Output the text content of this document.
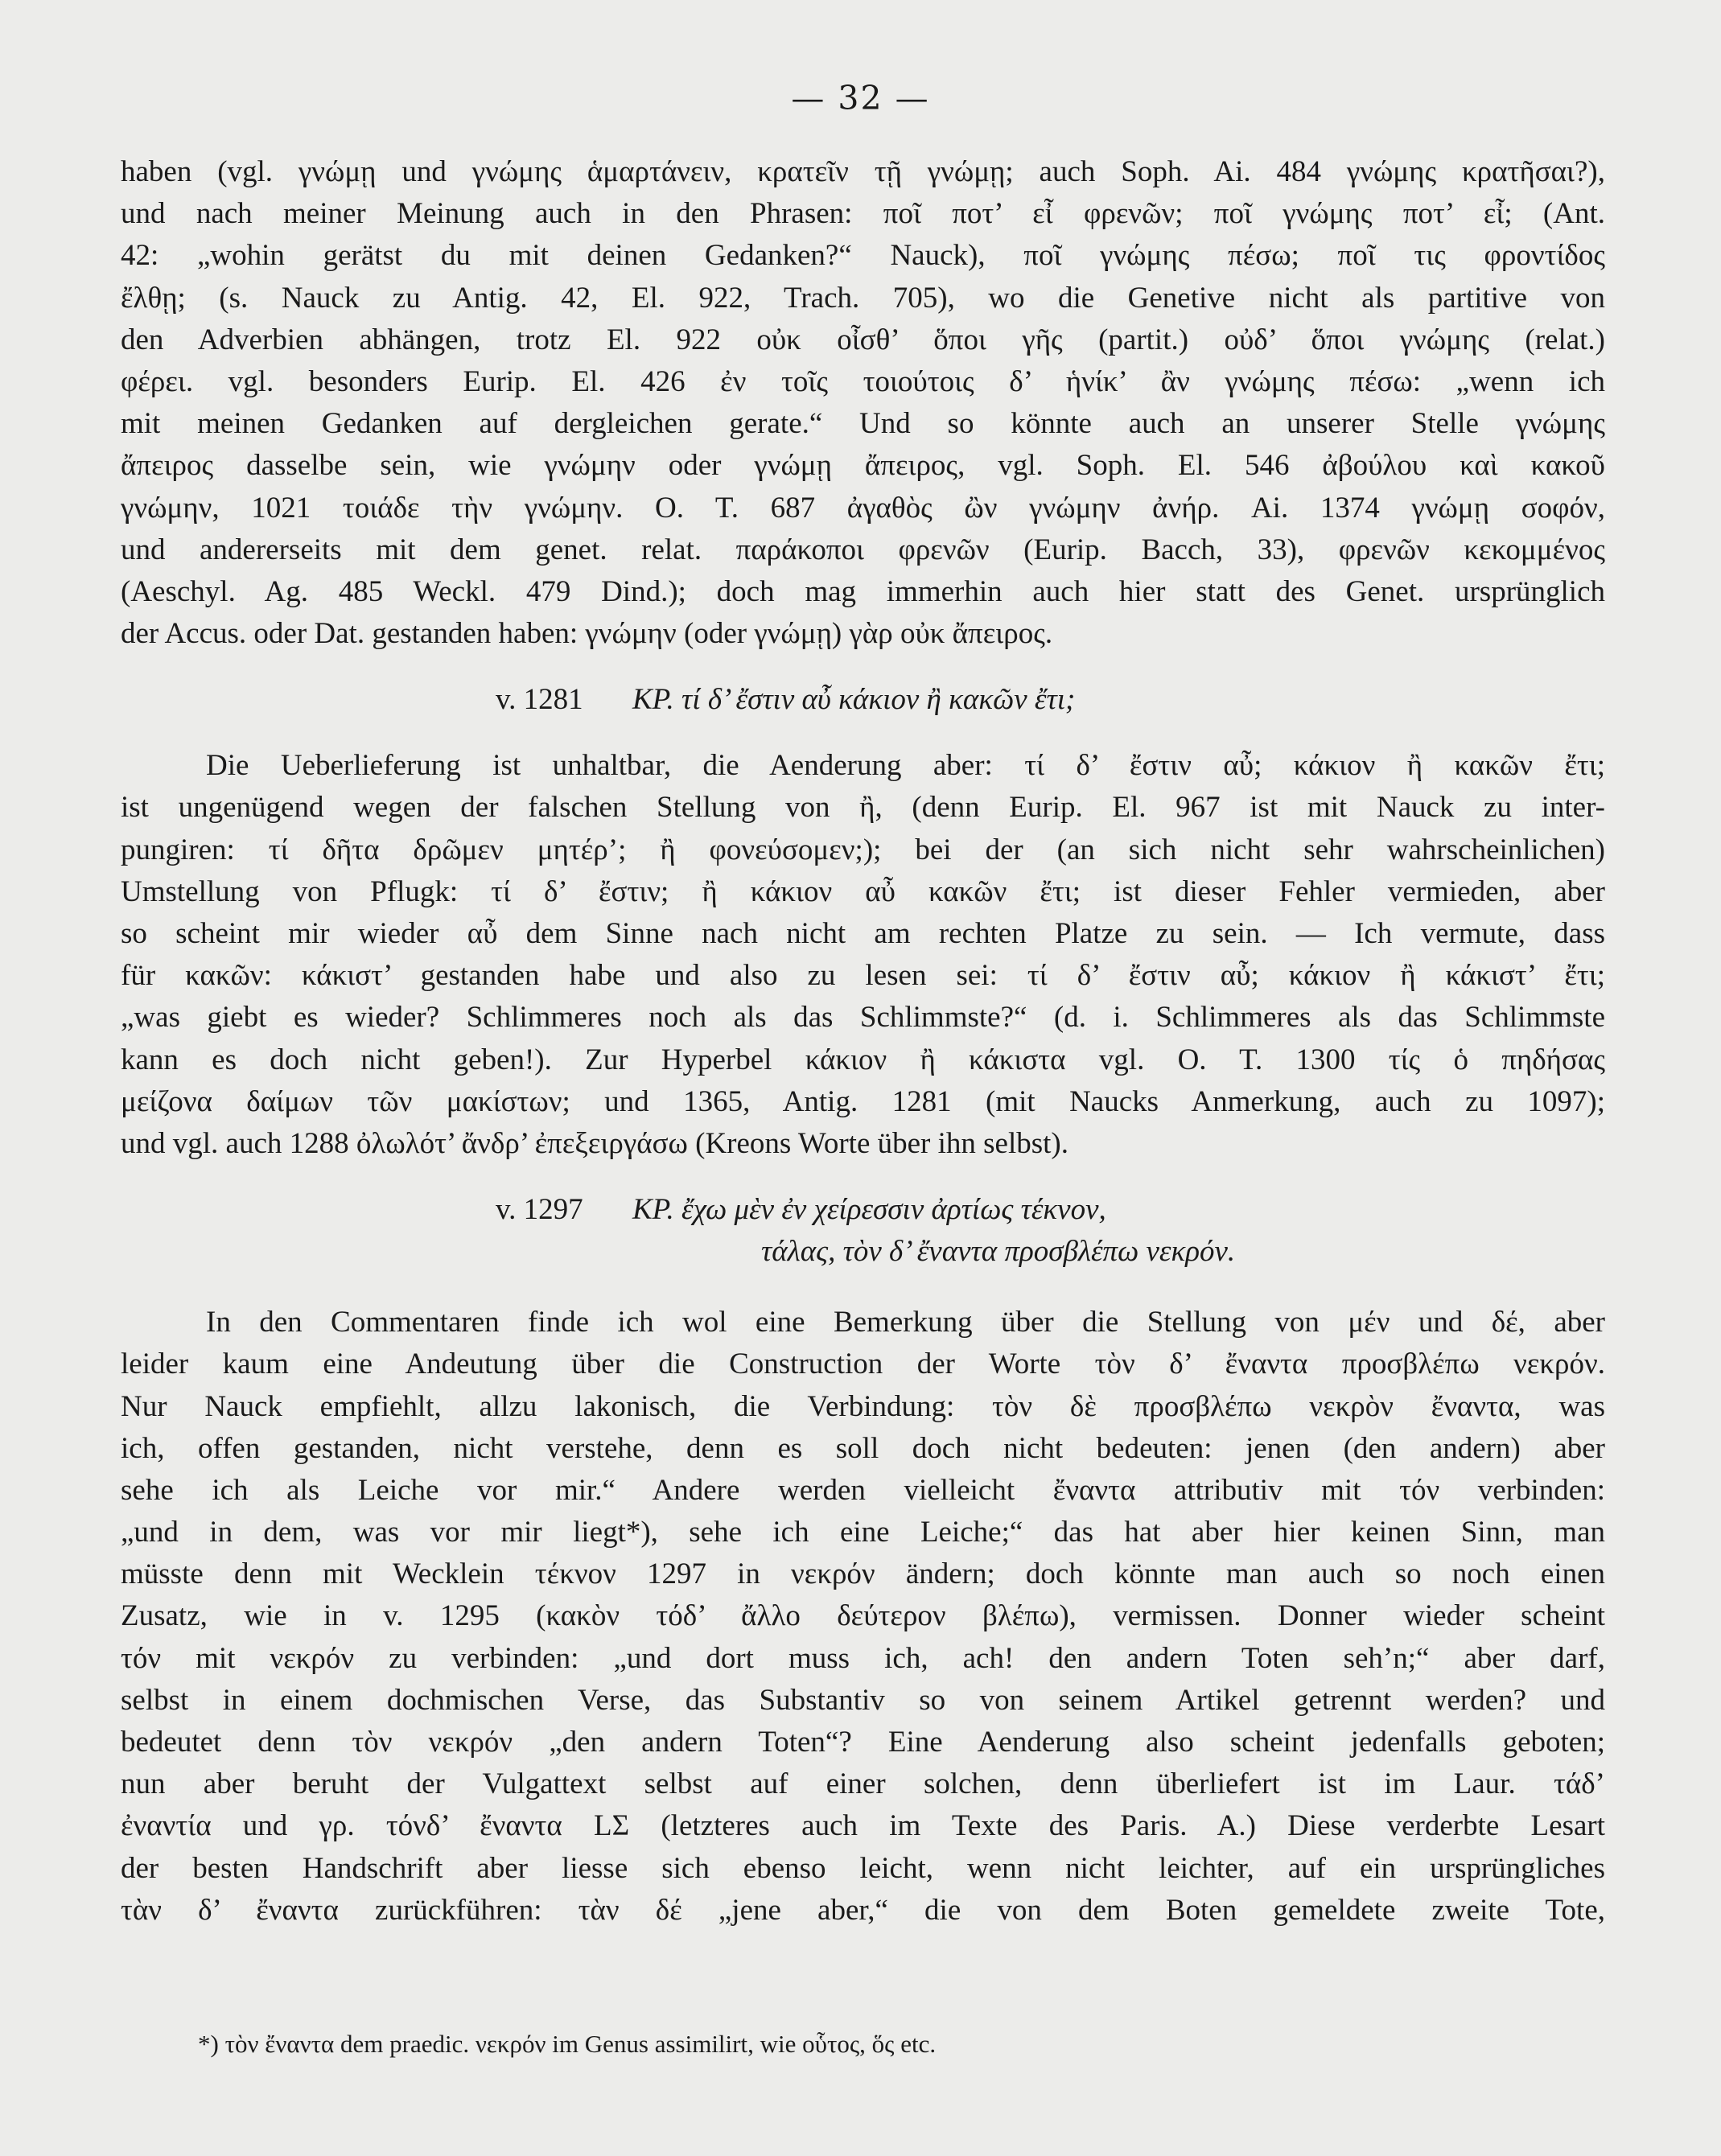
— 32 —
haben (vgl. γνώμῃ und γνώμης ἁμαρτάνειν, κρατεῖν τῇ γνώμῃ; auch Soph. Ai. 484 γνώμης κρατῆσαι?),
und nach meiner Meinung auch in den Phrasen: ποῖ ποτ’ εἶ φρενῶν; ποῖ γνώμης ποτ’ εἶ; (Ant.
42: „wohin gerätst du mit deinen Gedanken?“ Nauck), ποῖ γνώμης πέσω; ποῖ τις φροντίδος
ἔλθῃ; (s. Nauck zu Antig. 42, El. 922, Trach. 705), wo die Genetive nicht als partitive von
den Adverbien abhängen, trotz El. 922 οὐκ οἶσθ’ ὅποι γῆς (partit.) οὐδ’ ὅποι γνώμης (relat.)
φέρει. vgl. besonders Eurip. El. 426 ἐν τοῖς τοιούτοις δ’ ἡνίκ’ ἂν γνώμης πέσω: „wenn ich
mit meinen Gedanken auf dergleichen gerate.“ Und so könnte auch an unserer Stelle γνώμης
ἄπειρος dasselbe sein, wie γνώμην oder γνώμῃ ἄπειρος, vgl. Soph. El. 546 ἀβούλου καὶ κακοῦ
γνώμην, 1021 τοιάδε τὴν γνώμην. O. T. 687 ἀγαθὸς ὢν γνώμην ἀνήρ. Ai. 1374 γνώμῃ σοφόν,
und andererseits mit dem genet. relat. παράκοποι φρενῶν (Eurip. Bacch, 33), φρενῶν κεκομμένος
(Aeschyl. Ag. 485 Weckl. 479 Dind.); doch mag immerhin auch hier statt des Genet. ursprünglich
der Accus. oder Dat. gestanden haben: γνώμην (oder γνώμῃ) γὰρ οὐκ ἄπειρος.
v. 1281 ΚΡ. τί δ’ ἔστιν αὖ κάκιον ἢ κακῶν ἔτι;
Die Ueberlieferung ist unhaltbar, die Aenderung aber: τί δ’ ἔστιν αὖ; κάκιον ἢ κακῶν ἔτι;
ist ungenügend wegen der falschen Stellung von ἢ, (denn Eurip. El. 967 ist mit Nauck zu inter-
pungiren: τί δῆτα δρῶμεν μητέρ’; ἢ φονεύσομεν;); bei der (an sich nicht sehr wahrscheinlichen)
Umstellung von Pflugk: τί δ’ ἔστιν; ἢ κάκιον αὖ κακῶν ἔτι; ist dieser Fehler vermieden, aber
so scheint mir wieder αὖ dem Sinne nach nicht am rechten Platze zu sein. — Ich vermute, dass
für κακῶν: κάκιστ’ gestanden habe und also zu lesen sei: τί δ’ ἔστιν αὖ; κάκιον ἢ κάκιστ’ ἔτι;
„was giebt es wieder? Schlimmeres noch als das Schlimmste?“ (d. i. Schlimmeres als das Schlimmste
kann es doch nicht geben!). Zur Hyperbel κάκιον ἢ κάκιστα vgl. O. T. 1300 τίς ὁ πηδήσας
μείζονα δαίμων τῶν μακίστων; und 1365, Antig. 1281 (mit Naucks Anmerkung, auch zu 1097);
und vgl. auch 1288 ὀλωλότ’ ἄνδρ’ ἐπεξειργάσω (Kreons Worte über ihn selbst).
v. 1297 ΚΡ. ἔχω μὲν ἐν χείρεσσιν ἀρτίως τέκνον,
τάλας, τὸν δ’ ἔναντα προσβλέπω νεκρόν.
In den Commentaren finde ich wol eine Bemerkung über die Stellung von μέν und δέ, aber
leider kaum eine Andeutung über die Construction der Worte τὸν δ’ ἔναντα προσβλέπω νεκρόν.
Nur Nauck empfiehlt, allzu lakonisch, die Verbindung: τὸν δὲ προσβλέπω νεκρὸν ἔναντα, was
ich, offen gestanden, nicht verstehe, denn es soll doch nicht bedeuten: jenen (den andern) aber
sehe ich als Leiche vor mir.“ Andere werden vielleicht ἔναντα attributiv mit τόν verbinden:
„und in dem, was vor mir liegt*), sehe ich eine Leiche;“ das hat aber hier keinen Sinn, man
müsste denn mit Wecklein τέκνον 1297 in νεκρόν ändern; doch könnte man auch so noch einen
Zusatz, wie in v. 1295 (κακὸν τόδ’ ἄλλο δεύτερον βλέπω), vermissen. Donner wieder scheint
τόν mit νεκρόν zu verbinden: „und dort muss ich, ach! den andern Toten seh’n;“ aber darf,
selbst in einem dochmischen Verse, das Substantiv so von seinem Artikel getrennt werden? und
bedeutet denn τὸν νεκρόν „den andern Toten“? Eine Aenderung also scheint jedenfalls geboten;
nun aber beruht der Vulgattext selbst auf einer solchen, denn überliefert ist im Laur. τάδ’
ἐναντία und γρ. τόνδ’ ἔναντα LΣ (letzteres auch im Texte des Paris. A.) Diese verderbte Lesart
der besten Handschrift aber liesse sich ebenso leicht, wenn nicht leichter, auf ein ursprüngliches
τὰν δ’ ἔναντα zurückführen: τὰν δέ „jene aber,“ die von dem Boten gemeldete zweite Tote,
*) τὸν ἔναντα dem praedic. νεκρόν im Genus assimilirt, wie οὗτος, ὅς etc.
